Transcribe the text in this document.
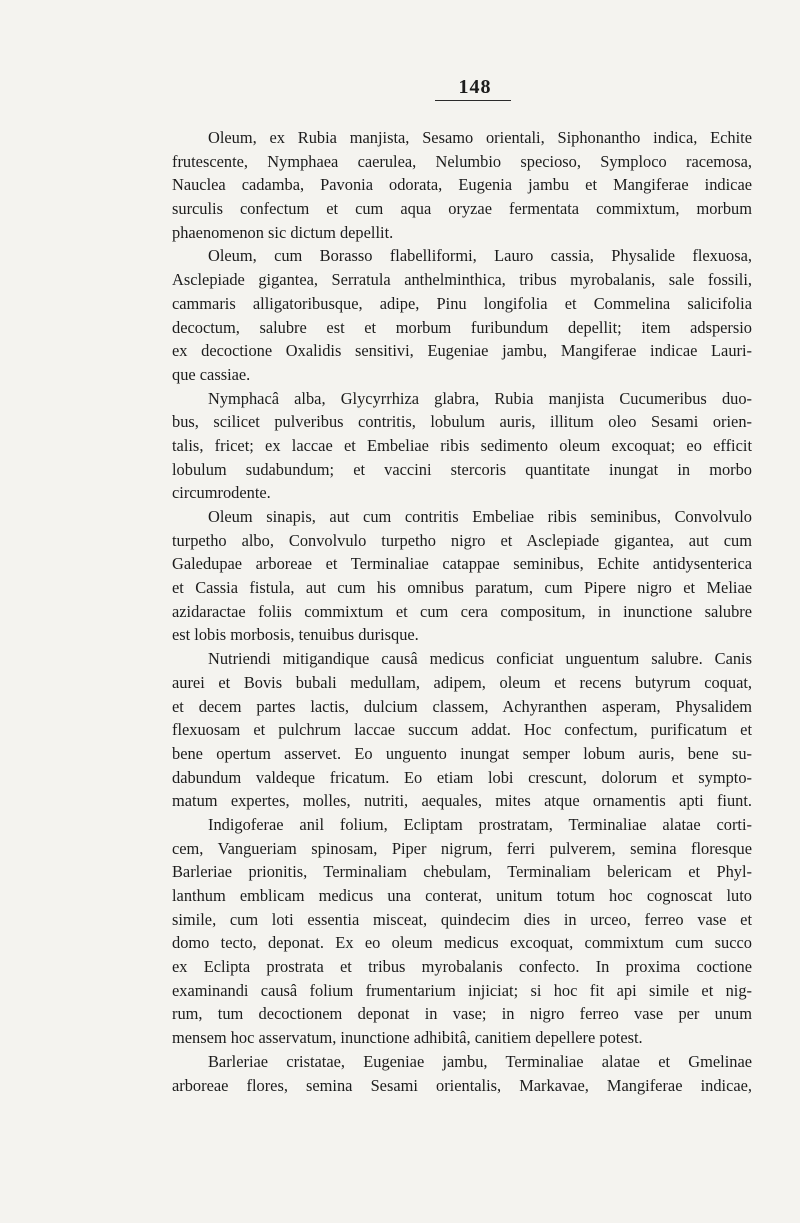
148
Oleum, ex Rubia manjista, Sesamo orientali, Siphonantho indica, Echite
frutescente, Nymphaea caerulea, Nelumbio specioso, Symploco racemosa,
Nauclea cadamba, Pavonia odorata, Eugenia jambu et Mangiferae indicae
surculis confectum et cum aqua oryzae fermentata commixtum, morbum
phaenomenon sic dictum depellit.
Oleum, cum Borasso flabelliformi, Lauro cassia, Physalide flexuosa,
Asclepiade gigantea, Serratula anthelminthica, tribus myrobalanis, sale fossili,
cammaris alligatoribusque, adipe, Pinu longifolia et Commelina salicifolia
decoctum, salubre est et morbum furibundum depellit; item adspersio
ex decoctione Oxalidis sensitivi, Eugeniae jambu, Mangiferae indicae Lauri-
que cassiae.
Nymphacâ alba, Glycyrrhiza glabra, Rubia manjista Cucumeribus duo-
bus, scilicet pulveribus contritis, lobulum auris, illitum oleo Sesami orien-
talis, fricet; ex laccae et Embeliae ribis sedimento oleum excoquat; eo efficit
lobulum sudabundum; et vaccini stercoris quantitate inungat in morbo
circumrodente.
Oleum sinapis, aut cum contritis Embeliae ribis seminibus, Convolvulo
turpetho albo, Convolvulo turpetho nigro et Asclepiade gigantea, aut cum
Galedupae arboreae et Terminaliae catappae seminibus, Echite antidysenterica
et Cassia fistula, aut cum his omnibus paratum, cum Pipere nigro et Meliae
azidaractae foliis commixtum et cum cera compositum, in inunctione salubre
est lobis morbosis, tenuibus durisque.
Nutriendi mitigandique causâ medicus conficiat unguentum salubre. Canis
aurei et Bovis bubali medullam, adipem, oleum et recens butyrum coquat,
et decem partes lactis, dulcium classem, Achyranthen asperam, Physalidem
flexuosam et pulchrum laccae succum addat. Hoc confectum, purificatum et
bene opertum asservet. Eo unguento inungat semper lobum auris, bene su-
dabundum valdeque fricatum. Eo etiam lobi crescunt, dolorum et sympto-
matum expertes, molles, nutriti, aequales, mites atque ornamentis apti fiunt.
Indigoferae anil folium, Ecliptam prostratam, Terminaliae alatae corti-
cem, Vangueriam spinosam, Piper nigrum, ferri pulverem, semina floresque
Barleriae prionitis, Terminaliam chebulam, Terminaliam belericam et Phyl-
lanthum emblicam medicus una conterat, unitum totum hoc cognoscat luto
simile, cum loti essentia misceat, quindecim dies in urceo, ferreo vase et
domo tecto, deponat. Ex eo oleum medicus excoquat, commixtum cum succo
ex Eclipta prostrata et tribus myrobalanis confecto. In proxima coctione
examinandi causâ folium frumentarium injiciat; si hoc fit api simile et nig-
rum, tum decoctionem deponat in vase; in nigro ferreo vase per unum
mensem hoc asservatum, inunctione adhibitâ, canitiem depellere potest.
Barleriae cristatae, Eugeniae jambu, Terminaliae alatae et Gmelinae
arboreae flores, semina Sesami orientalis, Markavae, Mangiferae indicae,
